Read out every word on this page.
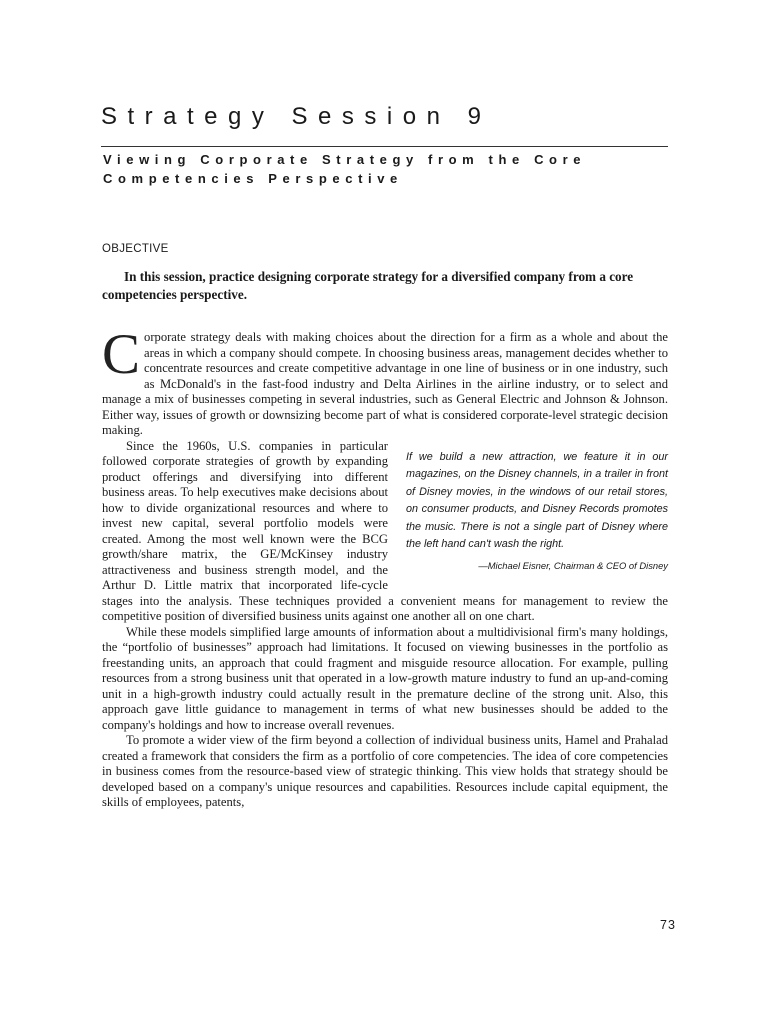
Strategy Session 9
Viewing Corporate Strategy from the Core
Competencies Perspective
OBJECTIVE
In this session, practice designing corporate strategy for a diversified company from a core competencies perspective.

Corporate strategy deals with making choices about the direction for a firm as a whole and about the areas in which a company should compete. In choosing business areas, management decides whether to concentrate resources and create competitive advantage in one line of business or in one industry, such as McDonald's in the fast-food industry and Delta Airlines in the airline industry, or to select and manage a mix of businesses competing in several industries, such as General Electric and Johnson & Johnson. Either way, issues of growth or downsizing become part of what is considered corporate-level strategic decision making.

If we build a new attraction, we feature it in our magazines, on the Disney channels, in a trailer in front of Disney movies, in the windows of our retail stores, on consumer products, and Disney Records promotes the music. There is not a single part of Disney where the left hand can't wash the right.
—Michael Eisner, Chairman & CEO of Disney
Since the 1960s, U.S. companies in particular followed corporate strategies of growth by expanding product offerings and diversifying into different business areas. To help executives make decisions about how to divide organizational resources and where to invest new capital, several portfolio models were created. Among the most well known were the BCG growth/share matrix, the GE/McKinsey industry attractiveness and business strength model, and the Arthur D. Little matrix that incorporated life-cycle stages into the analysis. These techniques provided a convenient means for management to review the competitive position of diversified business units against one another all on one chart.

While these models simplified large amounts of information about a multidivisional firm's many holdings, the “portfolio of businesses” approach had limitations. It focused on viewing businesses in the portfolio as freestanding units, an approach that could fragment and misguide resource allocation. For example, pulling resources from a strong business unit that operated in a low-growth mature industry to fund an up-and-coming unit in a high-growth industry could actually result in the premature decline of the strong unit. Also, this approach gave little guidance to management in terms of what new businesses should be added to the company's holdings and how to increase overall revenues.

To promote a wider view of the firm beyond a collection of individual business units, Hamel and Prahalad created a framework that considers the firm as a portfolio of core competencies. The idea of core competencies in business comes from the resource-based view of strategic thinking. This view holds that strategy should be developed based on a company's unique resources and capabilities. Resources include capital equipment, the skills of employees, patents,

73
